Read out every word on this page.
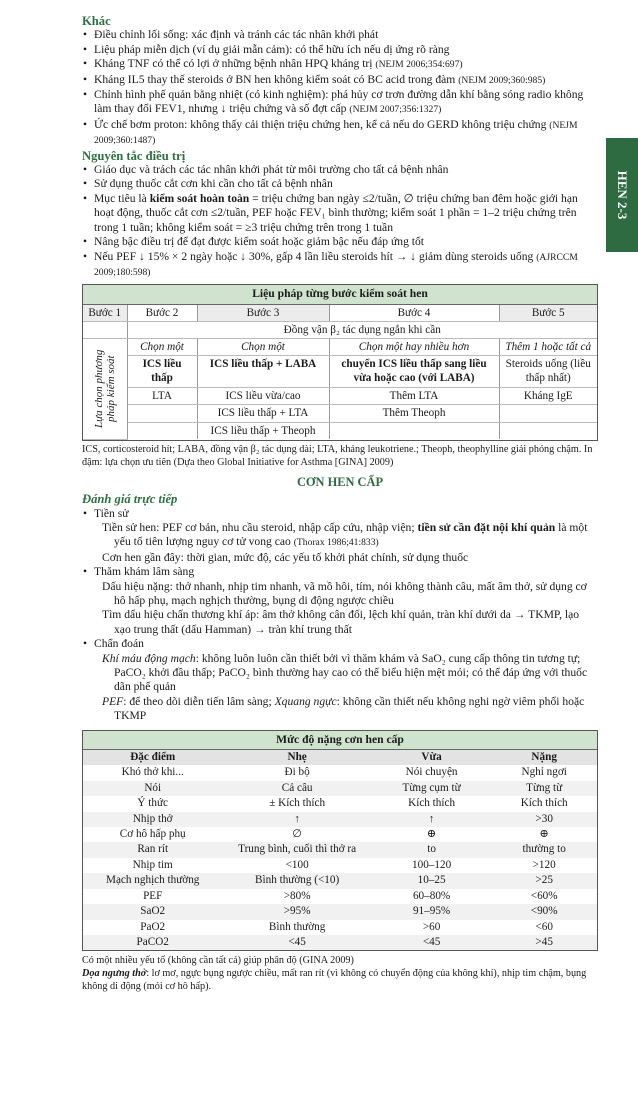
HEN 2-3
Khác
• Điều chỉnh lối sống: xác định và tránh các tác nhân khởi phát
• Liệu pháp miễn dịch (ví dụ giải mẫn cảm): có thể hữu ích nếu dị ứng rõ ràng
• Kháng TNF có thể có lợi ở những bệnh nhân HPQ kháng trị (NEJM 2006;354:697)
• Kháng IL5 thay thế steroids ở BN hen không kiểm soát có BC acid trong đàm (NEJM 2009;360:985)
• Chỉnh hình phế quản bằng nhiệt (có kinh nghiệm): phá hủy cơ trơn đường dẫn khí bằng sóng radio không làm thay đổi FEV1, nhưng ↓ triệu chứng và số đợt cấp (NEJM 2007;356:1327)
• Ức chế bơm proton: không thấy cải thiện triệu chứng hen, kể cả nếu do GERD không triệu chứng (NEJM 2009;360:1487)
Nguyên tắc điều trị
• Giáo dục và trách các tác nhân khởi phát từ môi trường cho tất cả bệnh nhân
• Sử dụng thuốc cắt cơn khi cần cho tất cả bệnh nhân
• Mục tiêu là kiểm soát hoàn toàn = triệu chứng ban ngày ≤2/tuần, ∅ triệu chứng ban đêm hoặc giới hạn hoạt động, thuốc cắt cơn ≤2/tuần, PEF hoặc FEV₁ bình thường; kiểm soát 1 phần = 1–2 triệu chứng trên trong 1 tuần; không kiểm soát = ≥3 triệu chứng trên trong 1 tuần
• Nâng bậc điều trị để đạt được kiểm soát hoặc giảm bậc nếu đáp ứng tốt
• Nếu PEF ↓ 15% × 2 ngày hoặc ↓ 30%, gấp 4 lần liều steroids hít → ↓ giảm dùng steroids uống (AJRCCM 2009;180:598)
Liệu pháp từng bước kiểm soát hen
Bước 1	Bước 2	Bước 3	Bước 4	Bước 5
	Đồng vận β₂ tác dụng ngắn khi cần			

Lựa chọn phương pháp kiểm soát	Chọn một	Chọn một	Chọn một hay nhiều hơn	Thêm 1 hoặc tất cả
	ICS liều thấp	ICS liều thấp + LABA	chuyển ICS liều thấp sang liều vừa hoặc cao (với LABA)	Steroids uống (liều thấp nhất)
	LTA	ICS liều vừa/cao	Thêm LTA	Kháng IgE
		ICS liều thấp + LTA	Thêm Theoph	
		ICS liều thấp + Theoph		
ICS, corticosteroid hít; LABA, đồng vận β₂ tác dụng dài; LTA, kháng leukotriene.; Theoph, theophylline giải phóng chậm. In đậm: lựa chọn ưu tiên (Dựa theo Global Initiative for Asthma [GINA] 2009)
CƠN HEN CẤP
Đánh giá trực tiếp
• Tiền sử
Tiền sử hen: PEF cơ bản, nhu cầu steroid, nhập cấp cứu, nhập viện; tiền sử cần đặt nội khí quản là một yếu tố tiên lượng nguy cơ tử vong cao (Thorax 1986;41:833)
Cơn hen gần đây: thời gian, mức độ, các yếu tố khởi phát chính, sử dụng thuốc
• Thăm khám lâm sàng
Dấu hiệu nặng: thở nhanh, nhịp tim nhanh, vã mồ hôi, tím, nói không thành câu, mất âm thở, sử dụng cơ hô hấp phụ, mạch nghịch thường, bụng di động ngược chiều
Tìm dấu hiệu chấn thương khí áp: âm thở không cân đối, lệch khí quản, tràn khí dưới da → TKMP, lạo xạo trung thất (dấu Hamman) → tràn khí trung thất
• Chẩn đoán
Khí máu động mạch: không luôn luôn cần thiết bởi vì thăm khám và SaO₂ cung cấp thông tin tương tự; PaCO₂ khởi đầu thấp; PaCO₂ bình thường hay cao có thể biểu hiện mệt mỏi; có thể đáp ứng với thuốc dãn phế quản
PEF: để theo dõi diễn tiến lâm sàng; Xquang ngực: không cần thiết nếu không nghi ngờ viêm phổi hoặc TKMP
Mức độ nặng cơn hen cấp
Đặc điểm	Nhẹ	Vừa	Nặng
Khó thở khi...	Đi bộ	Nói chuyện	Nghỉ ngơi
Nói	Cả câu	Từng cụm từ	Từng từ
Ý thức	± Kích thích	Kích thích	Kích thích
Nhịp thở	↑	↑	>30
Cơ hô hấp phụ	∅	⊕	⊕
Ran rít	Trung bình, cuối thì thở ra	to	thường to
Nhịp tim	<100	100–120	>120
Mạch nghịch thường	Bình thường (<10)	10–25	>25
PEF	>80%	60–80%	<60%
SaO2	>95%	91–95%	<90%
PaO2	Bình thường	>60	<60
PaCO2	<45	<45	>45
Có một nhiều yếu tố (không cần tất cả) giúp phân độ (GINA 2009)
Dọa ngưng thở: lơ mơ, ngực bụng ngược chiều, mất ran rít (vì không có chuyển động của không khí), nhịp tim chậm, bụng không di động (mỏi cơ hô hấp).
